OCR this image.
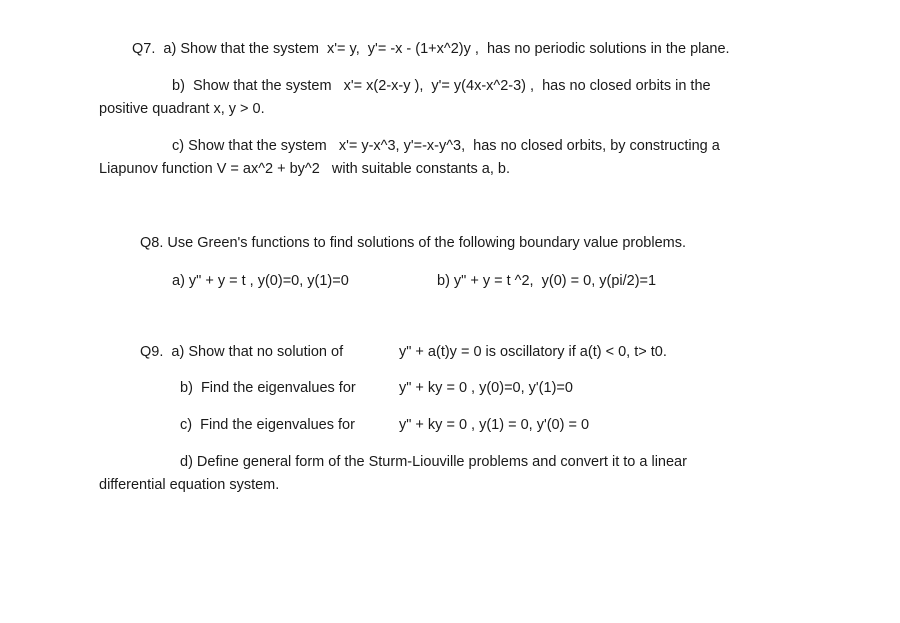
Q7.  a) Show that the system  x'= y,  y'= -x - (1+x^2)y ,  has no periodic solutions in the plane.
b)  Show that the system   x'= x(2-x-y ),  y'= y(4x-x^2-3) ,  has no closed orbits in the
positive quadrant x, y > 0.
c) Show that the system   x'= y-x^3, y'=-x-y^3,  has no closed orbits, by constructing a
Liapunov function V = ax^2 + by^2   with suitable constants a, b.
Q8. Use Green's functions to find solutions of the following boundary value problems.
a) y" + y = t , y(0)=0, y(1)=0	b) y" + y = t ^2,  y(0) = 0, y(pi/2)=1
Q9.  a) Show that no solution of	y" + a(t)y = 0 is oscillatory if a(t) < 0, t> t0.
b)  Find the eigenvalues for	y" + ky = 0 , y(0)=0, y'(1)=0
c)  Find the eigenvalues for	y" + ky = 0 , y(1) = 0, y'(0) = 0
d) Define general form of the Sturm-Liouville problems and convert it to a linear
differential equation system.
